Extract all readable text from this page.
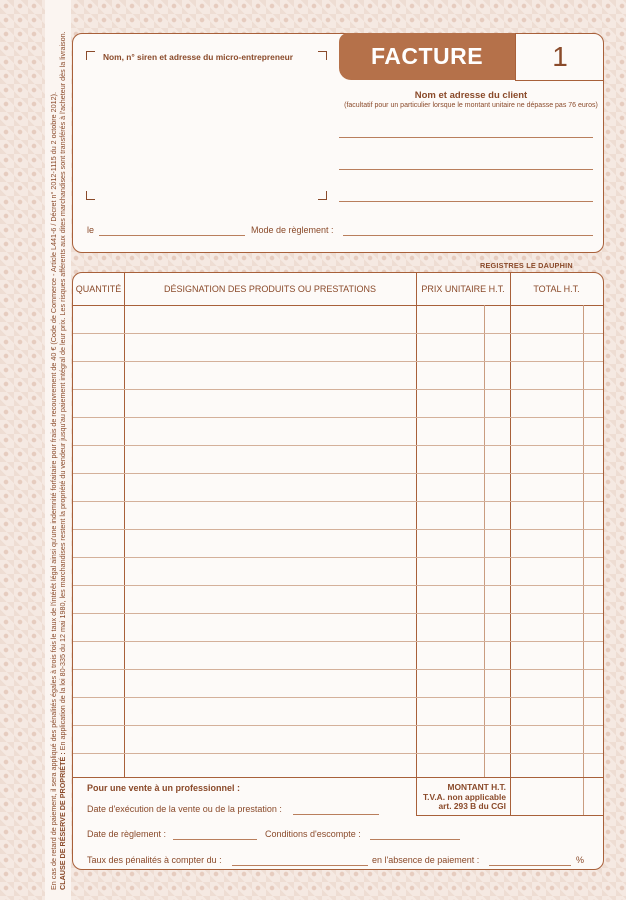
En cas de retard de paiement, il sera appliqué des pénalités égales à trois fois le taux de l'intérêt légal ainsi qu'une indemnité forfaitaire pour frais de recouvrement de 40 € (Code de Commerce - Article L441-6 / Décret n° 2012-1115 du 2 octobre 2012). CLAUSE DE RÉSERVE DE PROPRIÉTÉ : En application de la loi 80-335 du 12 mai 1980, les marchandises restent la propriété du vendeur jusqu'au paiement intégral de leur prix. Les risques afférents aux dites marchandises sont transférés à l'acheteur dès la livraison.	Nom, n° siren et adresse du micro-entrepreneur	FACTURE	1
Nom et adresse du client
(facultatif pour un particulier lorsque le montant unitaire ne dépasse pas 76 euros)
le	Mode de règlement :
REGISTRES LE DAUPHIN
QUANTITÉ	DÉSIGNATION DES PRODUITS OU PRESTATIONS	PRIX UNITAIRE H.T.	TOTAL H.T.
Pour une vente à un professionnel :	MONTANT H.T.
T.V.A. non applicable
art. 293 B du CGI
Date d'exécution de la vente ou de la prestation :
Date de règlement :	Conditions d'escompte :
Taux des pénalités à compter du :	en l'absence de paiement :	%
